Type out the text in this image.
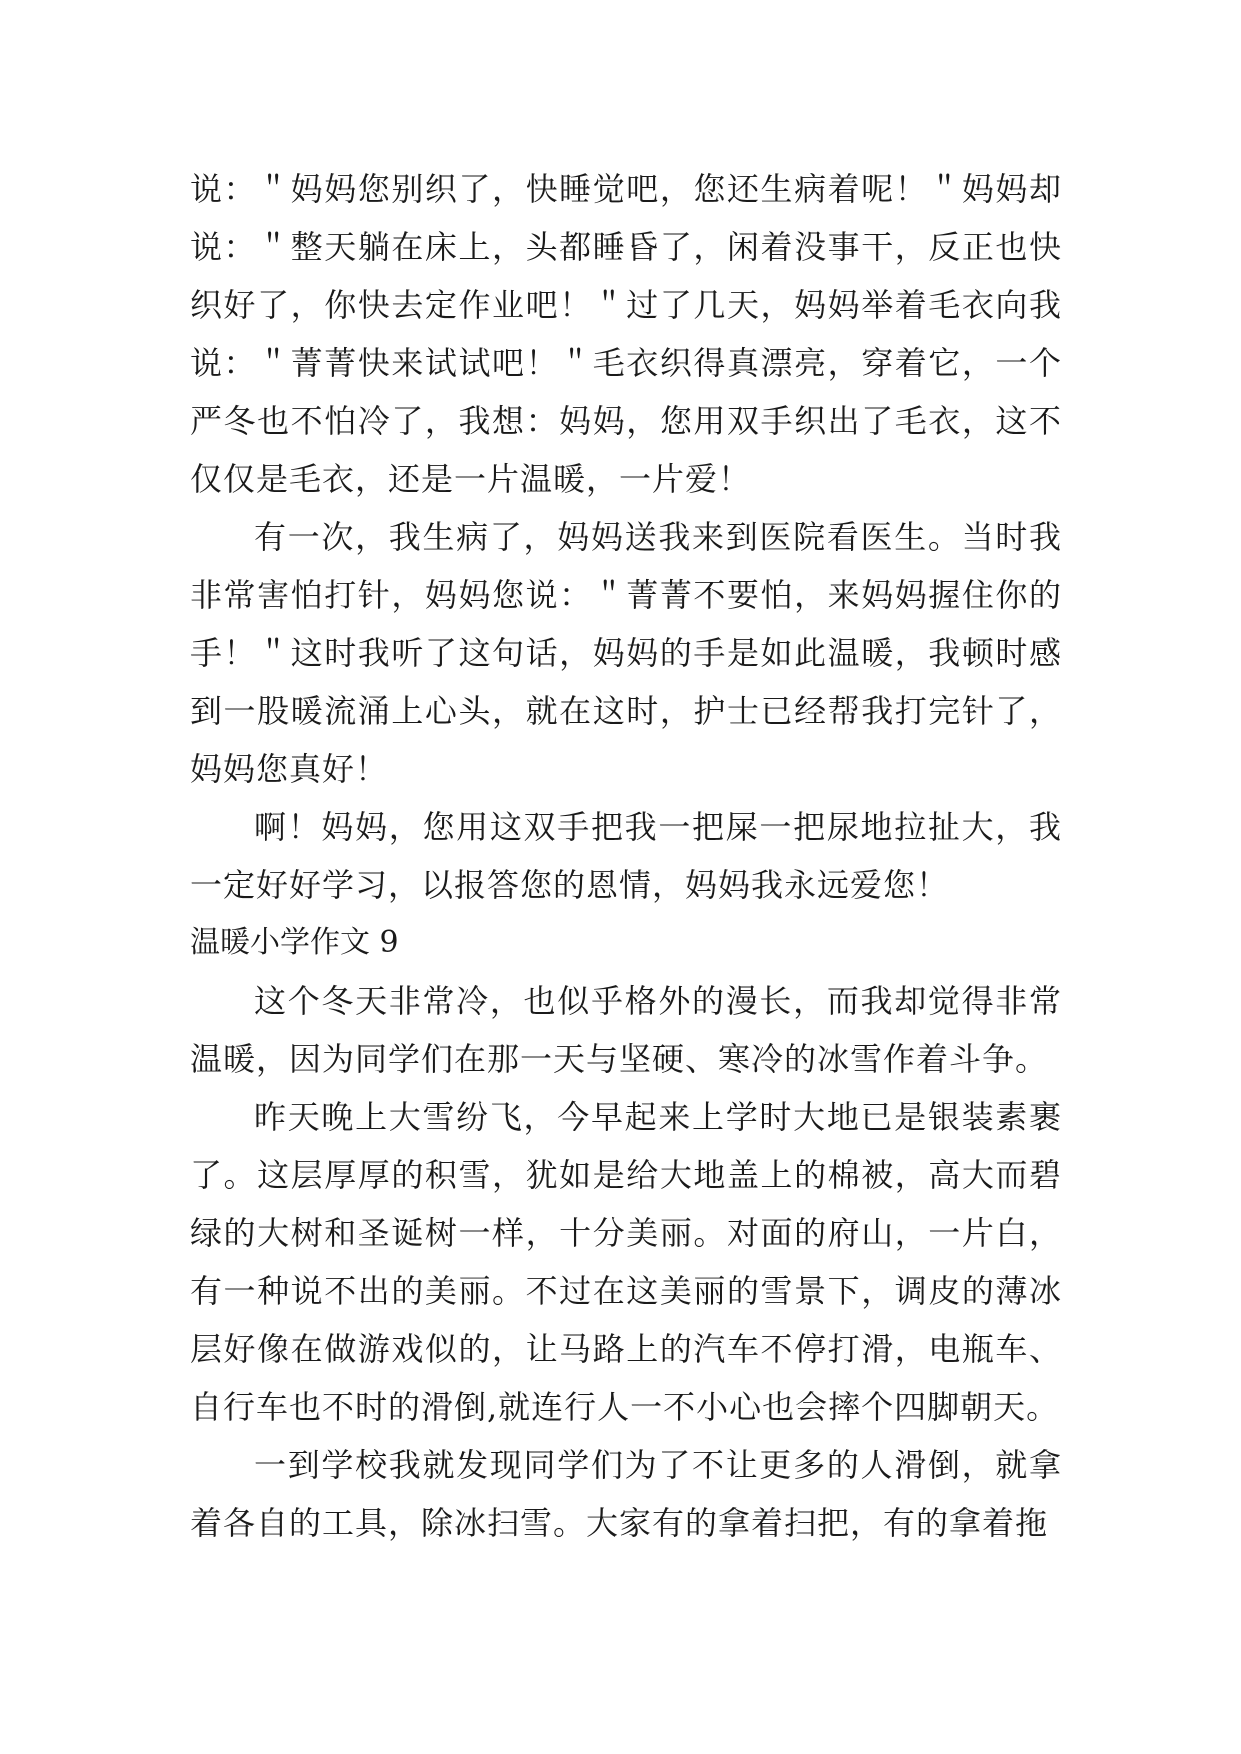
说：＂妈妈您别织了，快睡觉吧，您还生病着呢！＂妈妈却说：＂整天躺在床上，头都睡昏了，闲着没事干，反正也快织好了，你快去定作业吧！＂过了几天，妈妈举着毛衣向我说：＂菁菁快来试试吧！＂毛衣织得真漂亮，穿着它，一个严冬也不怕冷了，我想：妈妈，您用双手织出了毛衣，这不仅仅是毛衣，还是一片温暖，一片爱！

有一次，我生病了，妈妈送我来到医院看医生。当时我非常害怕打针，妈妈您说：＂菁菁不要怕，来妈妈握住你的手！＂这时我听了这句话，妈妈的手是如此温暖，我顿时感到一股暖流涌上心头，就在这时，护士已经帮我打完针了，妈妈您真好！

啊！妈妈，您用这双手把我一把屎一把尿地拉扯大，我一定好好学习，以报答您的恩情，妈妈我永远爱您！

温暖小学作文 9

这个冬天非常冷，也似乎格外的漫长，而我却觉得非常温暖，因为同学们在那一天与坚硬、寒冷的冰雪作着斗争。

昨天晚上大雪纷飞，今早起来上学时大地已是银装素裹了。这层厚厚的积雪，犹如是给大地盖上的棉被，高大而碧绿的大树和圣诞树一样，十分美丽。对面的府山，一片白，有一种说不出的美丽。不过在这美丽的雪景下，调皮的薄冰层好像在做游戏似的，让马路上的汽车不停打滑，电瓶车、自行车也不时的滑倒,就连行人一不小心也会摔个四脚朝天。

一到学校我就发现同学们为了不让更多的人滑倒，就拿着各自的工具，除冰扫雪。大家有的拿着扫把，有的拿着拖
